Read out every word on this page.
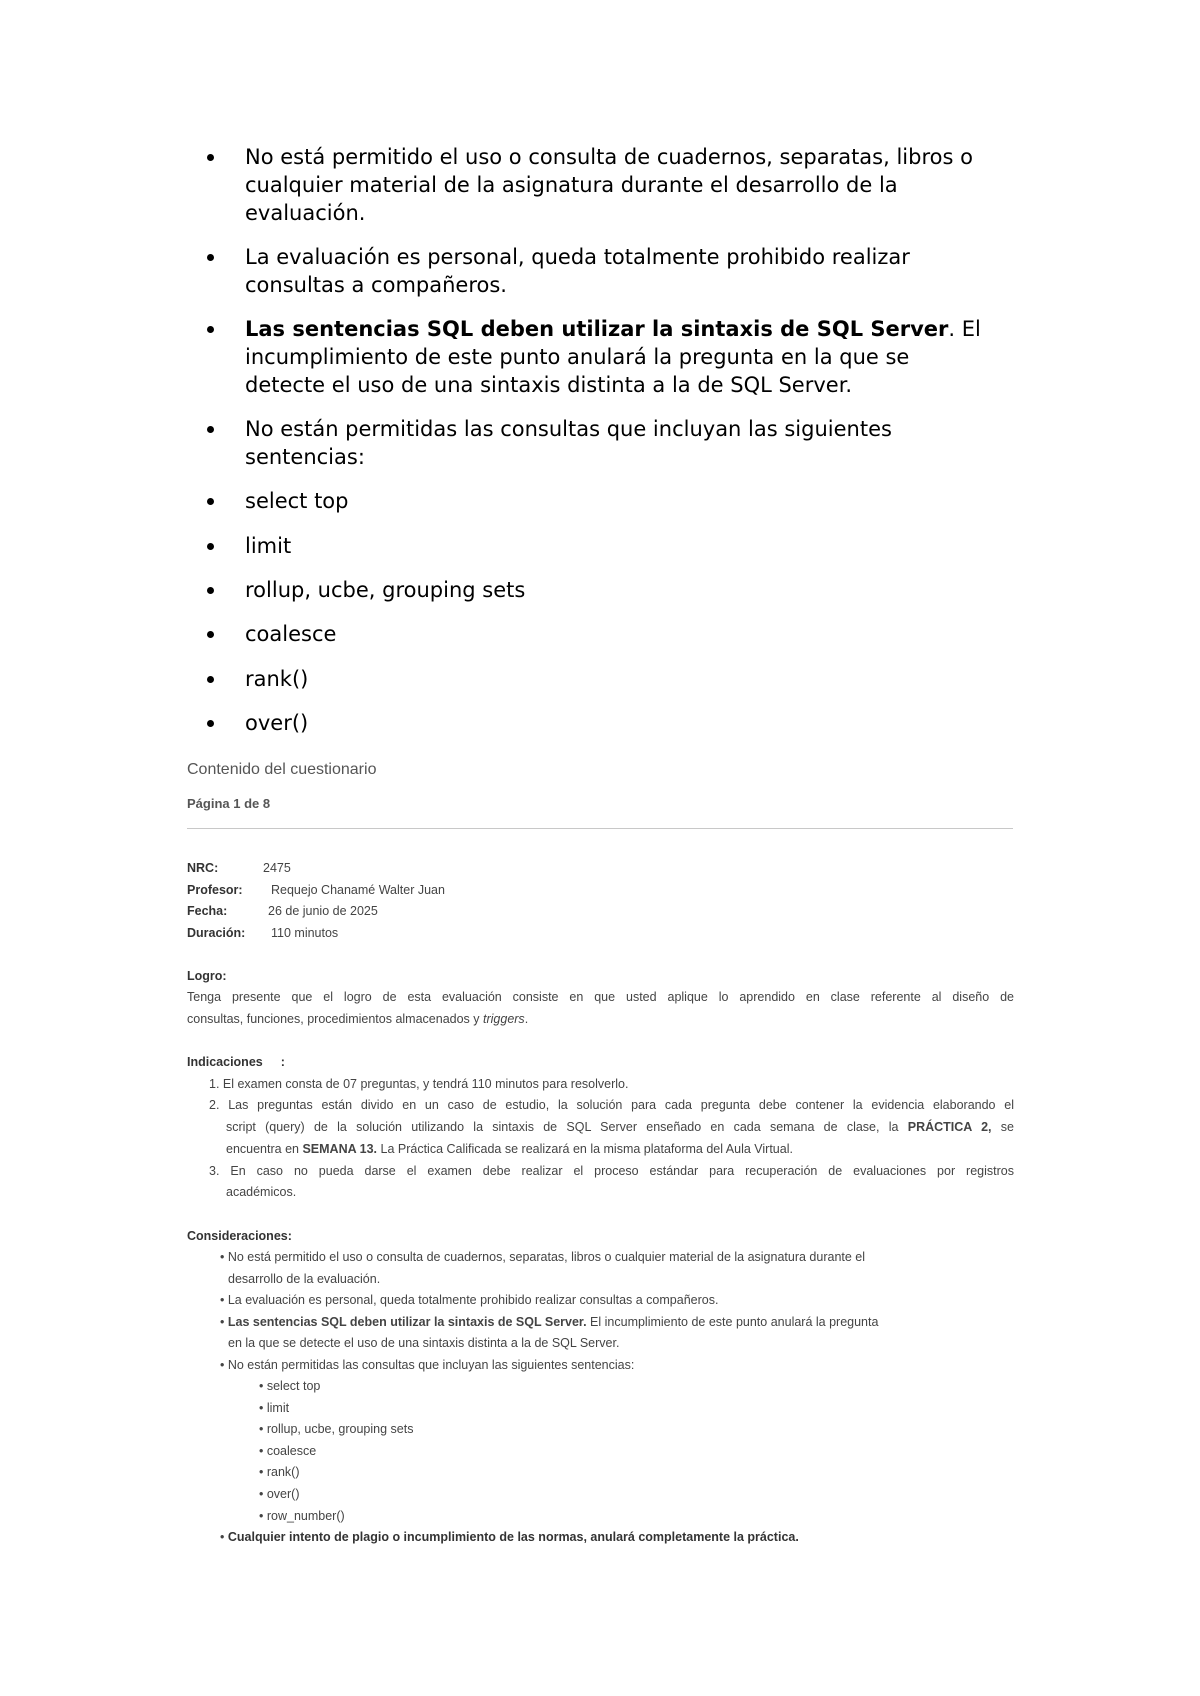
No está permitido el uso o consulta de cuadernos, separatas, libros o
cualquier material de la asignatura durante el desarrollo de la
evaluación.
La evaluación es personal, queda totalmente prohibido realizar
consultas a compañeros.
Las sentencias SQL deben utilizar la sintaxis de SQL Server. El
incumplimiento de este punto anulará la pregunta en la que se
detecte el uso de una sintaxis distinta a la de SQL Server.
No están permitidas las consultas que incluyan las siguientes
sentencias:
select top
limit
rollup, ucbe, grouping sets
coalesce
rank()
over()
Contenido del cuestionario
Página 1 de 8
NRC:	2475
Profesor: Requejo Chanamé Walter Juan
Fecha:	26 de junio de 2025
Duración: 110 minutos
Logro:
Tenga presente que el logro de esta evaluación consiste en que usted aplique lo aprendido en clase referente al diseño de
consultas, funciones, procedimientos almacenados y triggers.
Indicaciones :
1. El examen consta de 07 preguntas, y tendrá 110 minutos para resolverlo.
2. Las preguntas están divido en un caso de estudio, la solución para cada pregunta debe contener la evidencia elaborando el
script (query) de la solución utilizando la sintaxis de SQL Server enseñado en cada semana de clase, la PRÁCTICA 2, se
encuentra en SEMANA 13. La Práctica Calificada se realizará en la misma plataforma del Aula Virtual.
3. En caso no pueda darse el examen debe realizar el proceso estándar para recuperación de evaluaciones por registros
académicos.
Consideraciones:
• No está permitido el uso o consulta de cuadernos, separatas, libros o cualquier material de la asignatura durante el
desarrollo de la evaluación.
• La evaluación es personal, queda totalmente prohibido realizar consultas a compañeros.
• Las sentencias SQL deben utilizar la sintaxis de SQL Server. El incumplimiento de este punto anulará la pregunta
en la que se detecte el uso de una sintaxis distinta a la de SQL Server.
• No están permitidas las consultas que incluyan las siguientes sentencias:
• select top
• limit
• rollup, ucbe, grouping sets
• coalesce
• rank()
• over()
• row_number()
• Cualquier intento de plagio o incumplimiento de las normas, anulará completamente la práctica.
